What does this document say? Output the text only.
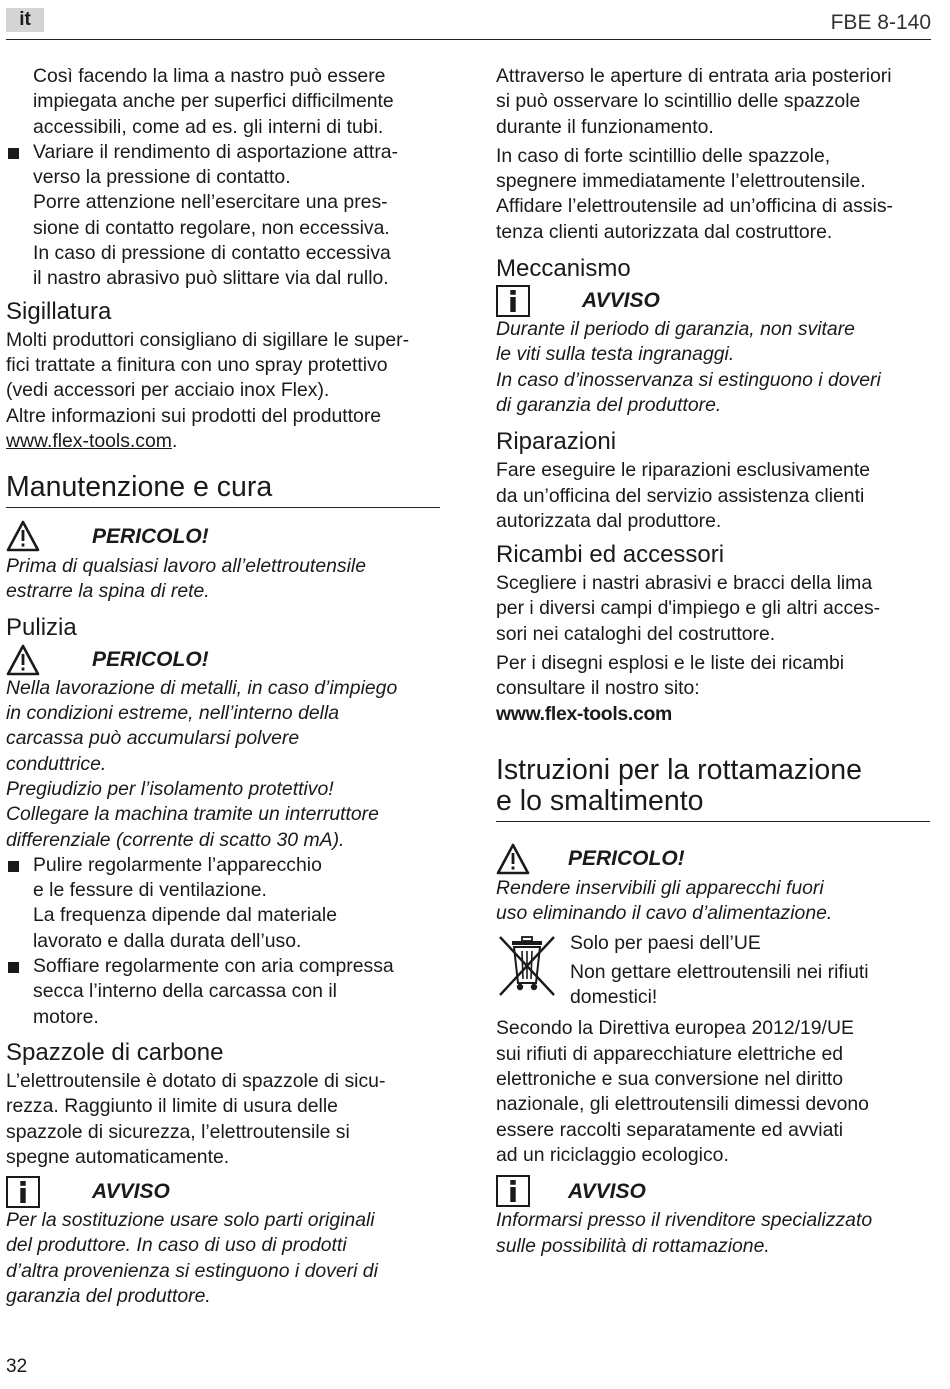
it	FBE 8-140
Così facendo la lima a nastro può essere
impiegata anche per superfici difficilmente
accessibili, come ad es. gli interni di tubi.
Variare il rendimento di asportazione attra-
verso la pressione di contatto.
Porre attenzione nell’esercitare una pres-
sione di contatto regolare, non eccessiva.
In caso di pressione di contatto eccessiva
il nastro abrasivo può slittare via dal rullo.
Sigillatura
Molti produttori consigliano di sigillare le super-
fici trattate a finitura con uno spray protettivo
(vedi accessori per acciaio inox Flex).
Altre informazioni sui prodotti del produttore
www.flex-tools.com.
Manutenzione e cura
PERICOLO!
Prima di qualsiasi lavoro all’elettroutensile
estrarre la spina di rete.
Pulizia
PERICOLO!
Nella lavorazione di metalli, in caso d’impiego
in condizioni estreme, nell’interno della
carcassa può accumularsi polvere
conduttrice.
Pregiudizio per l’isolamento protettivo!
Collegare la machina tramite un interruttore
differenziale (corrente di scatto 30 mA).
Pulire regolarmente l’apparecchio
e le fessure di ventilazione.
La frequenza dipende dal materiale
lavorato e dalla durata dell’uso.
Soffiare regolarmente con aria compressa
secca l’interno della carcassa con il
motore.
Spazzole di carbone
L’elettroutensile è dotato di spazzole di sicu-
rezza. Raggiunto il limite di usura delle
spazzole di sicurezza, l’elettroutensile si
spegne automaticamente.
AVVISO
Per la sostituzione usare solo parti originali
del produttore. In caso di uso di prodotti
d’altra provenienza si estinguono i doveri di
garanzia del produttore.
Attraverso le aperture di entrata aria posteriori
si può osservare lo scintillio delle spazzole
durante il funzionamento.
In caso di forte scintillio delle spazzole,
spegnere immediatamente l’elettroutensile.
Affidare l’elettroutensile ad un’officina di assis-
tenza clienti autorizzata dal costruttore.
Meccanismo
AVVISO
Durante il periodo di garanzia, non svitare
le viti sulla testa ingranaggi.
In caso d’inosservanza si estinguono i doveri
di garanzia del produttore.
Riparazioni
Fare eseguire le riparazioni esclusivamente
da un’officina del servizio assistenza clienti
autorizzata dal produttore.
Ricambi ed accessori
Scegliere i nastri abrasivi e bracci della lima
per i diversi campi d'impiego e gli altri acces-
sori nei cataloghi del costruttore.
Per i disegni esplosi e le liste dei ricambi
consultare il nostro sito:
www.flex-tools.com
Istruzioni per la rottamazione
e lo smaltimento
PERICOLO!
Rendere inservibili gli apparecchi fuori
uso eliminando il cavo d’alimentazione.
Solo per paesi dell’UE
Non gettare elettroutensili nei rifiuti
domestici!
Secondo la Direttiva europea 2012/19/UE
sui rifiuti di apparecchiature elettriche ed
elettroniche e sua conversione nel diritto
nazionale, gli elettroutensili dimessi devono
essere raccolti separatamente ed avviati
ad un riciclaggio ecologico.
AVVISO
Informarsi presso il rivenditore specializzato
sulle possibilità di rottamazione.
32
